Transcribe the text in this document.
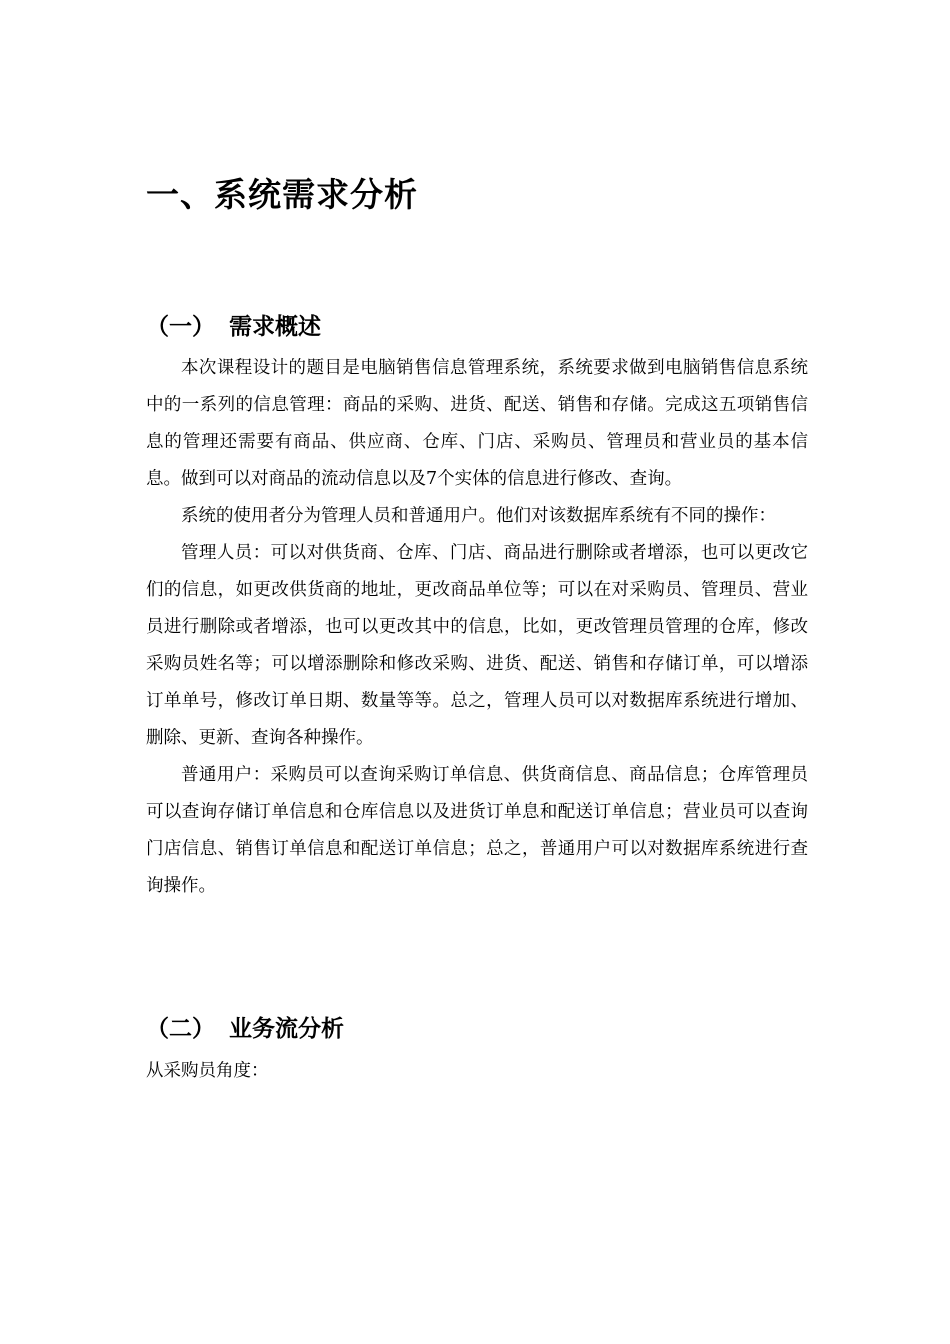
一、系统需求分析
（一） 需求概述

本次课程设计的题目是电脑销售信息管理系统，系统要求做到电脑销售信息系统中的一系列的信息管理：商品的采购、进货、配送、销售和存储。完成这五项销售信息的管理还需要有商品、供应商、仓库、门店、采购员、管理员和营业员的基本信息。做到可以对商品的流动信息以及7个实体的信息进行修改、查询。

系统的使用者分为管理人员和普通用户。他们对该数据库系统有不同的操作：

管理人员：可以对供货商、仓库、门店、商品进行删除或者增添，也可以更改它们的信息，如更改供货商的地址，更改商品单位等；可以在对采购员、管理员、营业员进行删除或者增添，也可以更改其中的信息，比如，更改管理员管理的仓库，修改采购员姓名等；可以增添删除和修改采购、进货、配送、销售和存储订单，可以增添订单单号，修改订单日期、数量等等。总之，管理人员可以对数据库系统进行增加、删除、更新、查询各种操作。

普通用户：采购员可以查询采购订单信息、供货商信息、商品信息；仓库管理员可以查询存储订单信息和仓库信息以及进货订单息和配送订单信息；营业员可以查询门店信息、销售订单信息和配送订单信息；总之，普通用户可以对数据库系统进行查询操作。

（二） 业务流分析

从采购员角度：
